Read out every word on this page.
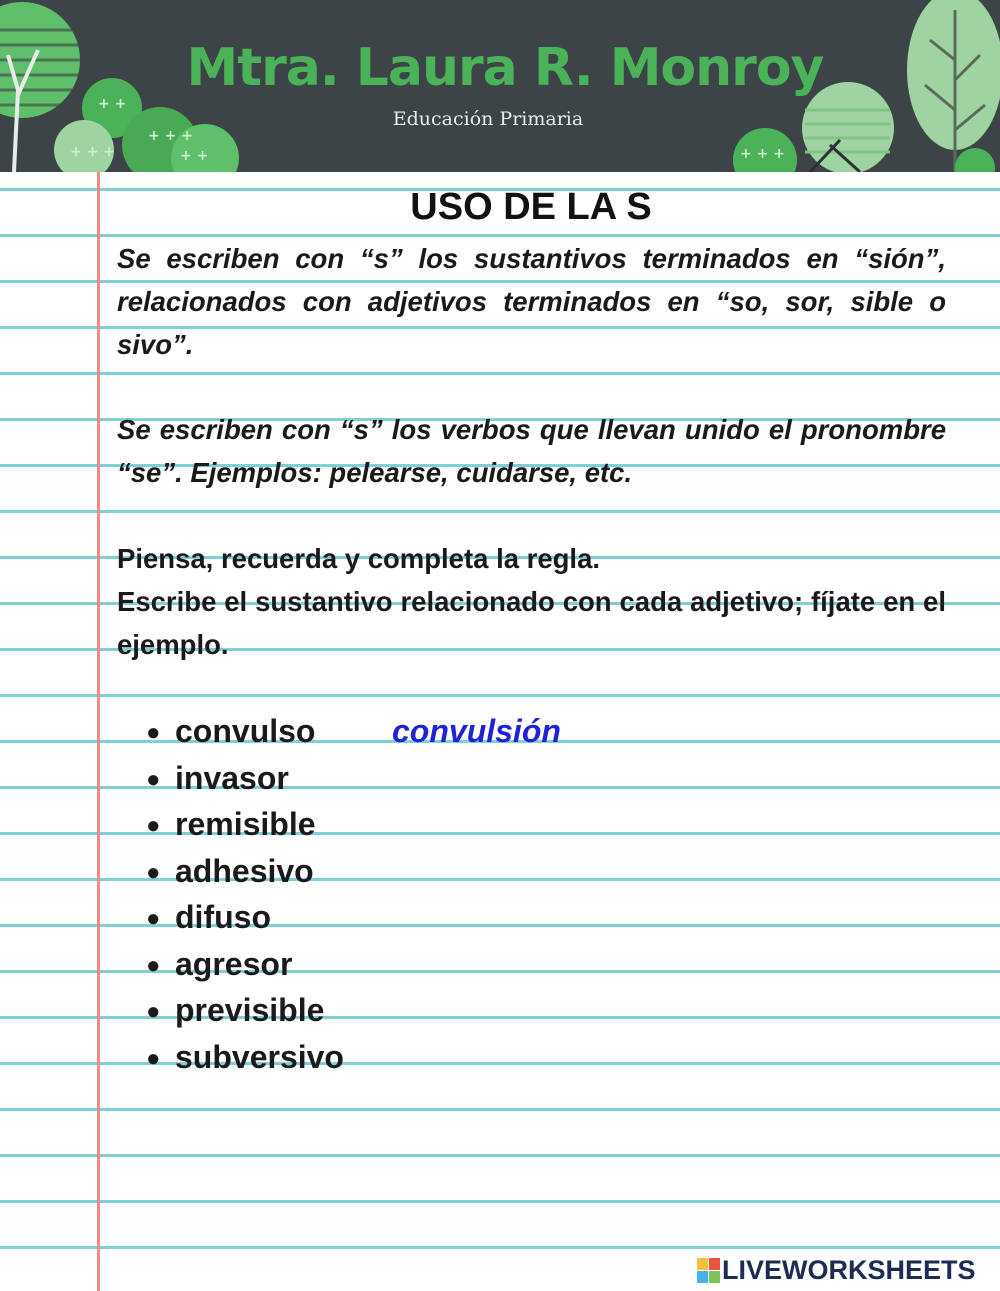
+ +
+ + +
+ + +	+ +	+ + +
Mtra. Laura R. Monroy
Educación Primaria
USO DE LA S

Se escriben con “s” los sustantivos terminados en “sión”, relacionados con adjetivos terminados en “so, sor, sible o sivo”.

Se escriben con “s” los verbos que llevan unido el pronombre “se”. Ejemplos: pelearse, cuidarse, etc.

Piensa, recuerda y completa la regla.

Escribe el sustantivo relacionado con cada adjetivo; fíjate en el ejemplo.

● convulso convulsión
● invasor
● remisible
● adhesivo
● difuso
● agresor
● previsible
● subversivo
LIVEWORKSHEETS
